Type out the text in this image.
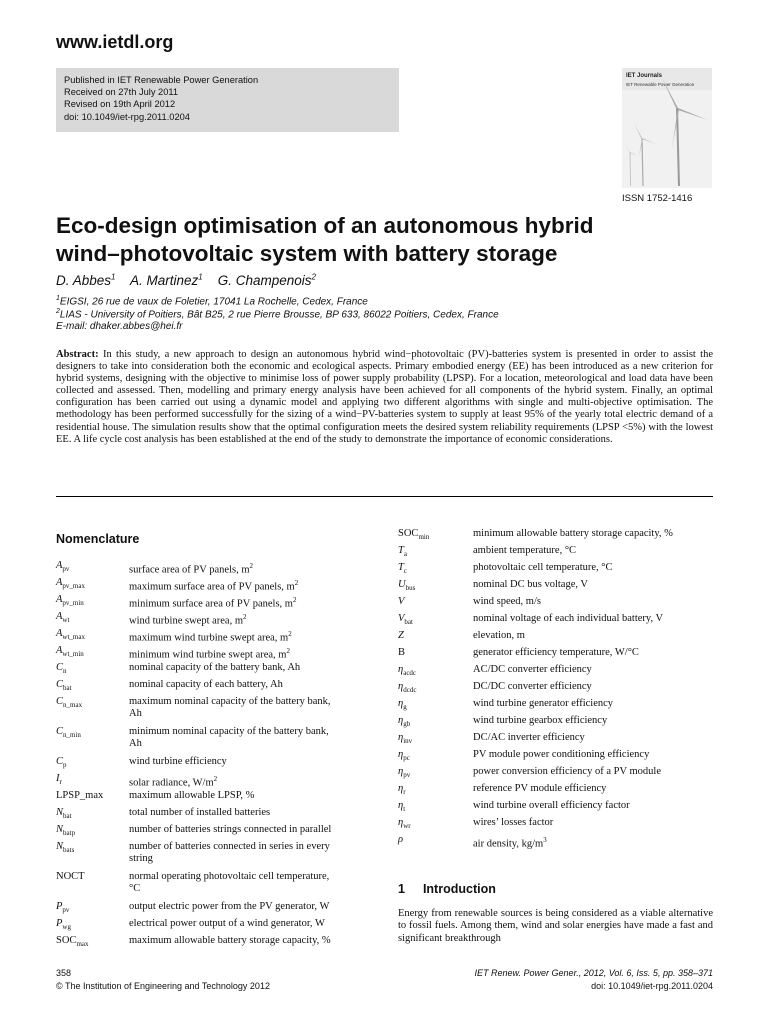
www.ietdl.org
Published in IET Renewable Power Generation
Received on 27th July 2011
Revised on 19th April 2012
doi: 10.1049/iet-rpg.2011.0204
IET Journals
IET Renewable Power Generation
ISSN 1752-1416
Eco-design optimisation of an autonomous hybrid
wind–photovoltaic system with battery storage
D. Abbes$^1$ A. Martinez$^1$ G. Champenois$^2$
$^1$EIGSI, 26 rue de vaux de Foletier, 17041 La Rochelle, Cedex, France
$^2$LIAS - University of Poitiers, Bât B25, 2 rue Pierre Brousse, BP 633, 86022 Poitiers, Cedex, France
E-mail: dhaker.abbes@hei.fr
Abstract: In this study, a new approach to design an autonomous hybrid wind−photovoltaic (PV)-batteries system is presented in order to assist the designers to take into consideration both the economic and ecological aspects. Primary embodied energy (EE) has been introduced as a new criterion for hybrid systems, designing with the objective to minimise loss of power supply probability (LPSP). For a location, meteorological and load data have been collected and assessed. Then, modelling and primary energy analysis have been achieved for all components of the hybrid system. Finally, an optimal configuration has been carried out using a dynamic model and applying two different algorithms with single and multi-objective optimisation. The methodology has been performed successfully for the sizing of a wind−PV-batteries system to supply at least 95% of the yearly total electric demand of a residential house. The simulation results show that the optimal configuration meets the desired system reliability requirements (LPSP <5%) with the lowest EE. A life cycle cost analysis has been established at the end of the study to demonstrate the importance of economic considerations.
Nomenclature
$A_{pv}$	surface area of PV panels, $m^2$
$A_{pv\_max}$	maximum surface area of PV panels, $m^2$
$A_{pv\_min}$	minimum surface area of PV panels, $m^2$
$A_{wt}$	wind turbine swept area, $m^2$
$A_{wt\_max}$	maximum wind turbine swept area, $m^2$
$A_{wt\_min}$	minimum wind turbine swept area, $m^2$
$C_n$	nominal capacity of the battery bank, Ah
$C_{bat}$	nominal capacity of each battery, Ah
$C_{n\_max}$	maximum nominal capacity of the battery bank,
Ah
$C_{n\_min}$	minimum nominal capacity of the battery bank,
Ah
$C_p$	wind turbine efficiency
$I_r$	solar radiance, $W/m^2$
LPSP_max maximum allowable LPSP, %
$N_{bat}$	total number of installed batteries
$N_{batp}$	number of batteries strings connected in parallel
$N_{bats}$	number of batteries connected in series in every
string
NOCT	normal operating photovoltaic cell temperature,
°C
$P_{pv}$	output electric power from the PV generator, W
$P_{wg}$	electrical power output of a wind generator, W
$SOC_{max}$	maximum allowable battery storage capacity, %
$SOC_{min}$	minimum allowable battery storage capacity, %
$T_a$	ambient temperature, °C
$T_c$	photovoltaic cell temperature, °C
$U_{bus}$	nominal DC bus voltage, V
V	wind speed, m/s
$V_{bat}$	nominal voltage of each individual battery, V
Z	elevation, m
B	generator efficiency temperature, W/°C
$\eta_{acdc}$	AC/DC converter efficiency
$\eta_{dcdc}$	DC/DC converter efficiency
$\eta_g$	wind turbine generator efficiency
$\eta_{gb}$	wind turbine gearbox efficiency
$\eta_{inv}$	DC/AC inverter efficiency
$\eta_{pc}$	PV module power conditioning efficiency
$\eta_{pv}$	power conversion efficiency of a PV module
$\eta_r$	reference PV module efficiency
$\eta_t$	wind turbine overall efficiency factor
$\eta_{wr}$	wires’ losses factor
ρ	air density, $kg/m^3$
1 Introduction
Energy from renewable sources is being considered as a viable alternative to fossil fuels. Among them, wind and solar energies have made a fast and significant breakthrough
358
© The Institution of Engineering and Technology 2012
IET Renew. Power Gener., 2012, Vol. 6, Iss. 5, pp. 358–371
doi: 10.1049/iet-rpg.2011.0204
